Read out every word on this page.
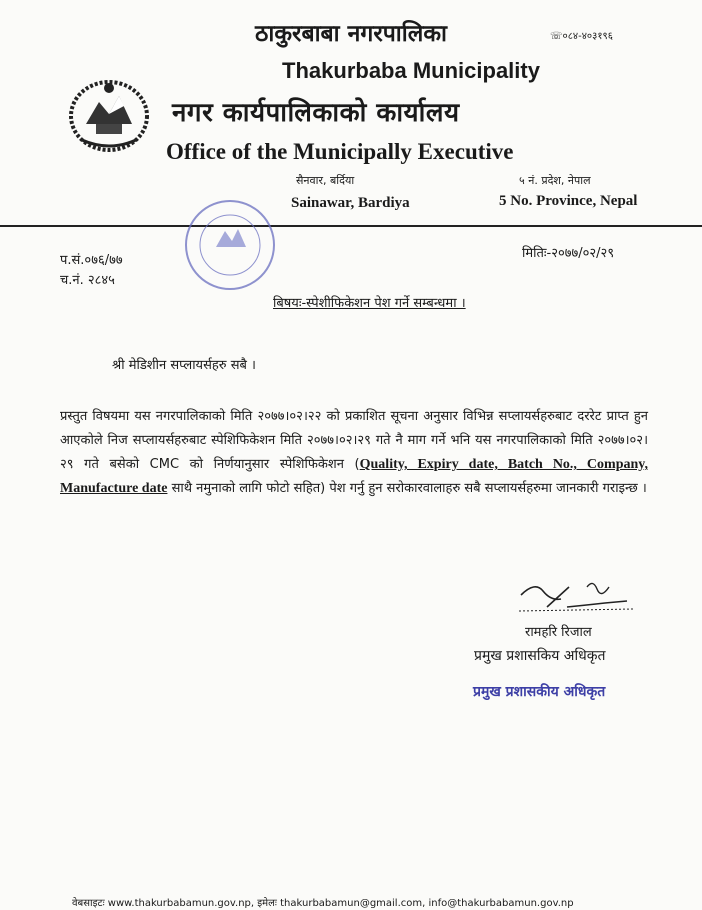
ठाकुरबाबा नगरपालिका	☏०८४-४०३१९६
Thakurbaba Municipality
नगर कार्यपालिकाको कार्यालय
Office of the Municipally Executive
सैनवार, बर्दिया	५ नं. प्रदेश, नेपाल
Sainawar, Bardiya	5 No. Province, Nepal
प.सं.०७६/७७
च.नं. २८४५
मितिः-२०७७/०२/२९
बिषयः-स्पेशीफिकेशन पेश गर्ने सम्बन्धमा ।
श्री मेडिशीन सप्लायर्सहरु सबै ।
प्रस्तुत विषयमा यस नगरपालिकाको मिति २०७७।०२।२२ को प्रकाशित सूचना अनुसार विभिन्न सप्लायर्सहरुबाट दररेट प्राप्त हुन आएकोले निज सप्लायर्सहरुबाट स्पेशिफिकेशन मिति २०७७।०२।२९ गते नै माग गर्ने भनि यस नगरपालिकाको मिति २०७७।०२।२९ गते बसेको CMC को निर्णयानुसार स्पेशिफिकेशन (Quality, Expiry date, Batch No., Company, Manufacture date साथै नमुनाको लागि फोटो सहित) पेश गर्नु हुन सरोकारवालाहरु सबै सप्लायर्सहरुमा जानकारी गराइन्छ ।
रामहरि रिजाल
प्रमुख प्रशासकिय अधिकृत
प्रमुख प्रशासकीय अधिकृत
वेबसाइटः www.thakurbabamun.gov.np, इमेलः thakurbabamun@gmail.com, info@thakurbabamun.gov.np
